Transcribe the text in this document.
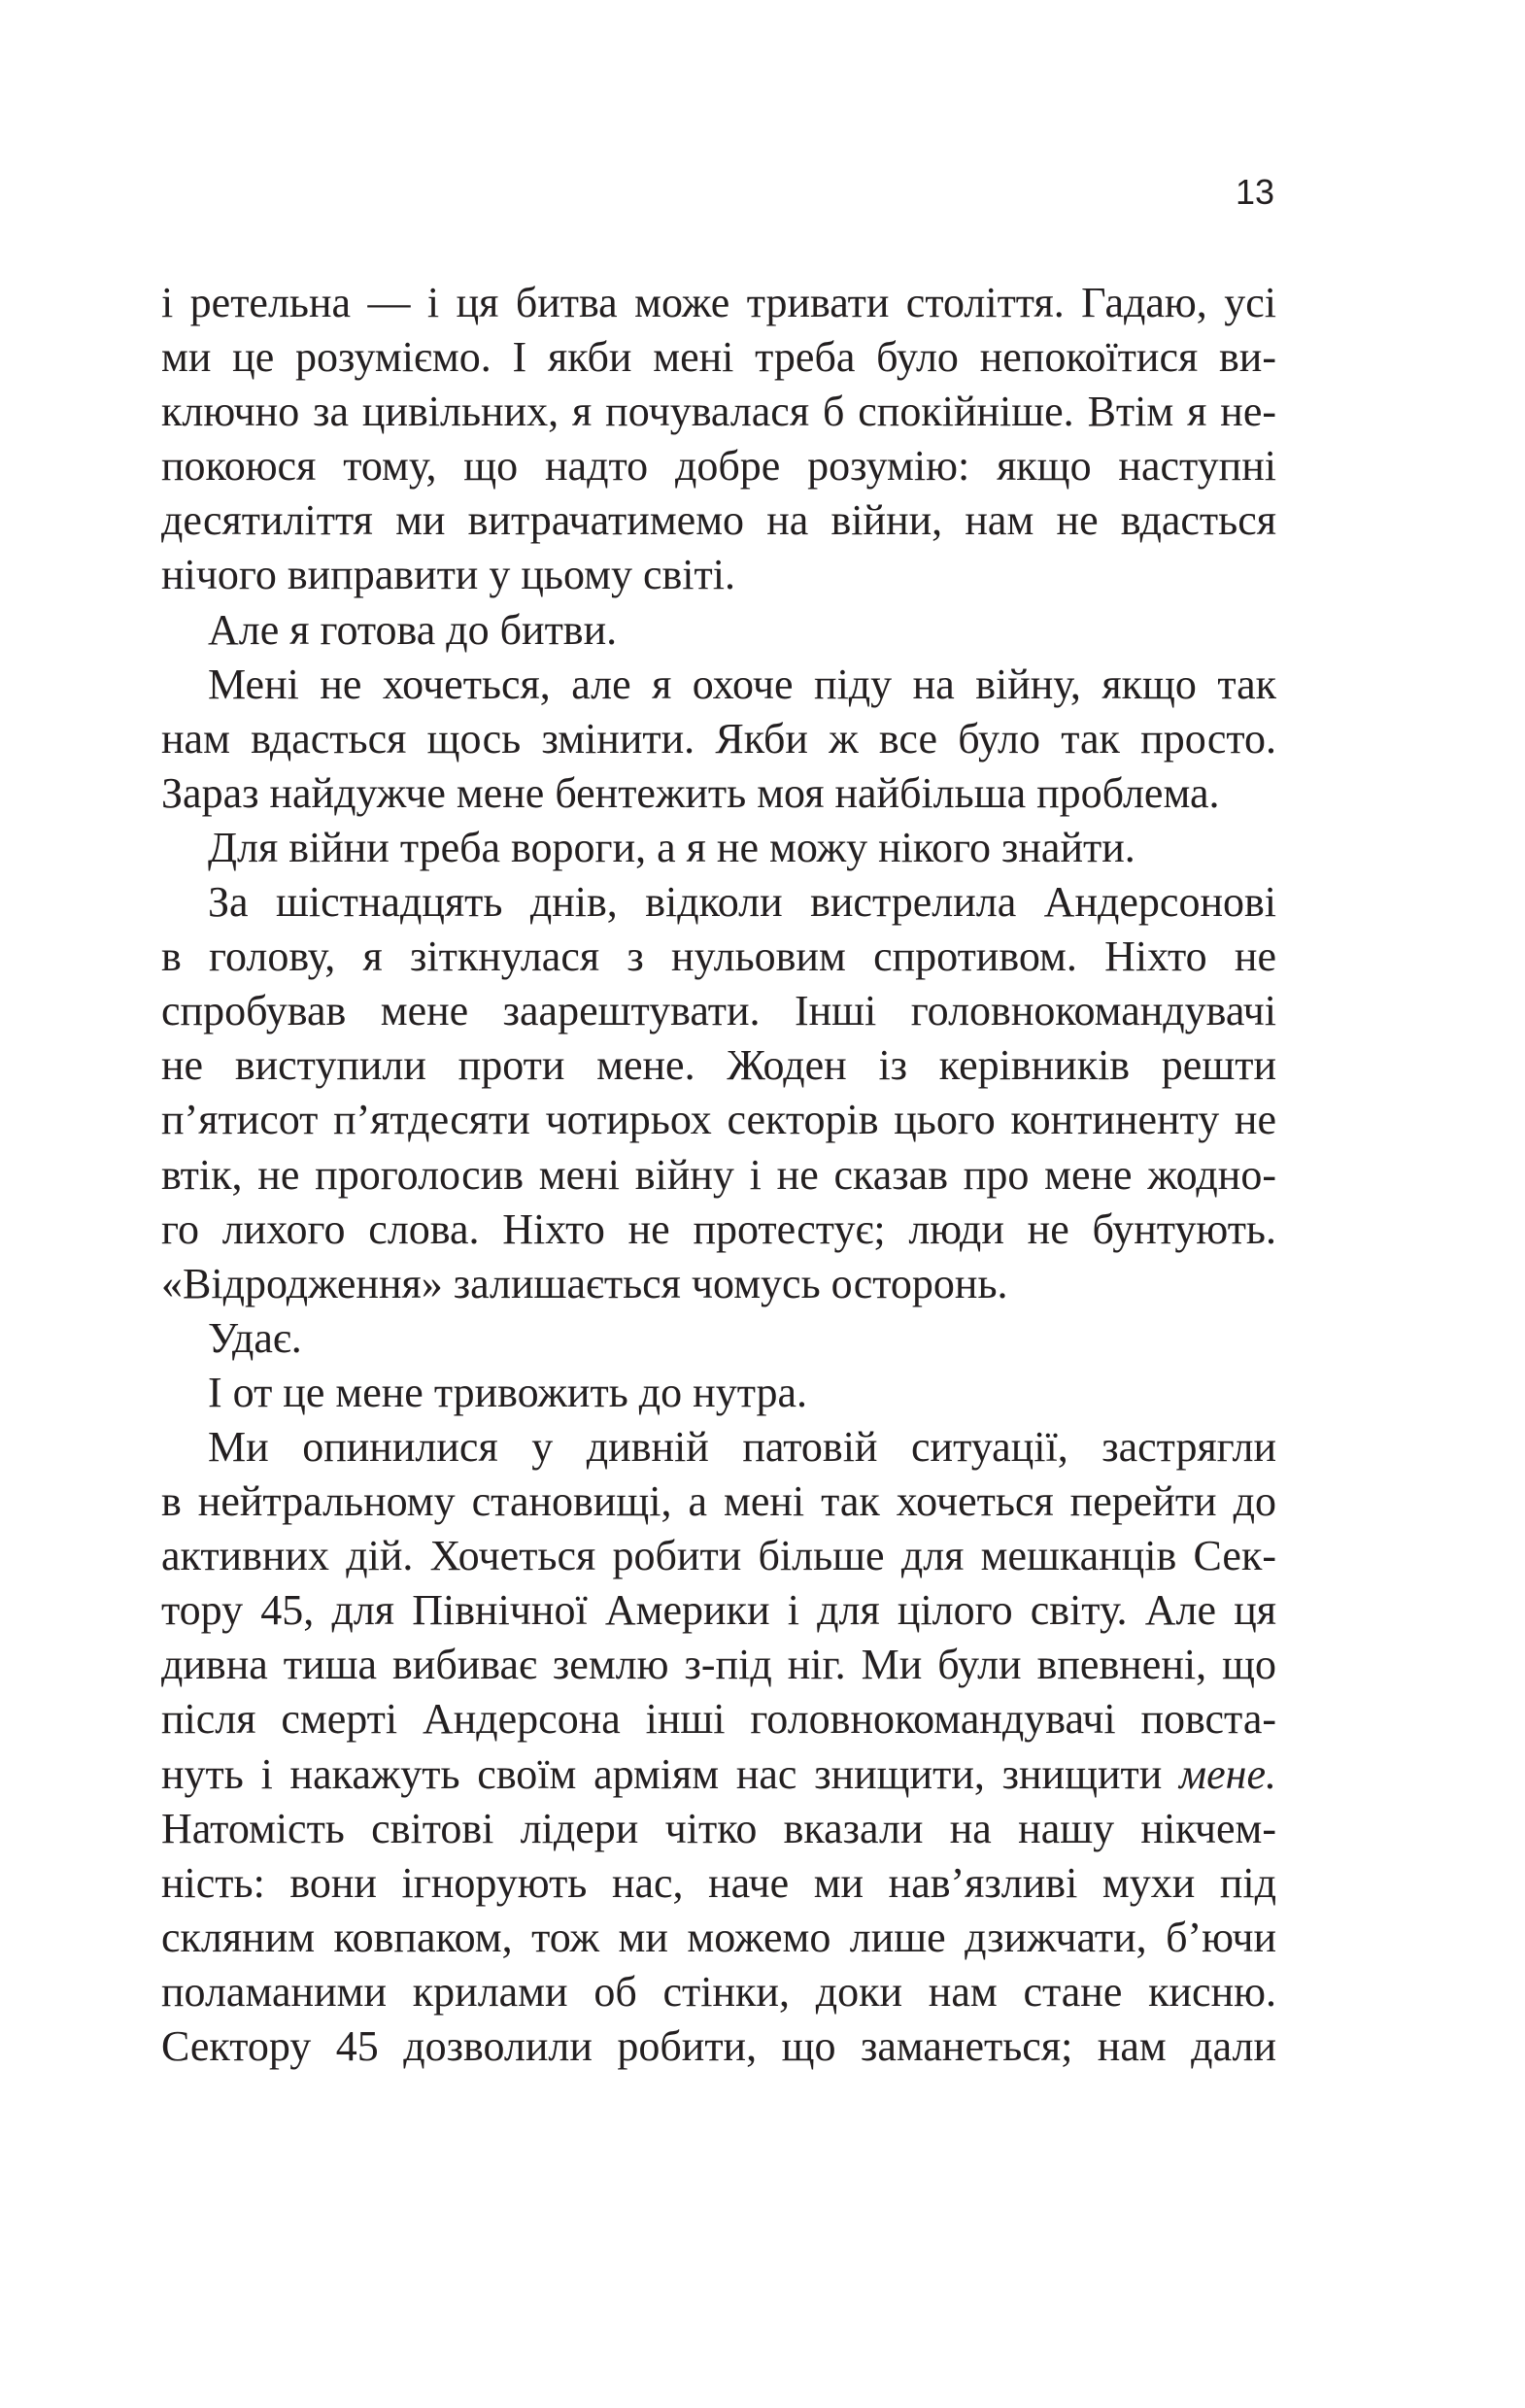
13
і ретельна — і ця битва може тривати століття. Гадаю, усі
ми це розуміємо. І якби мені треба було непокоїтися ви-
ключно за цивільних, я почувалася б спокійніше. Втім я не-
покоюся тому, що надто добре розумію: якщо наступні
десятиліття ми витрачатимемо на війни, нам не вдасться
нічого виправити у цьому світі.
Але я готова до битви.
Мені не хочеться, але я охоче піду на війну, якщо так
нам вдасться щось змінити. Якби ж все було так просто.
Зараз найдужче мене бентежить моя найбільша проблема.
Для війни треба вороги, а я не можу нікого знайти.
За шістнадцять днів, відколи вистрелила Андерсонові
в голову, я зіткнулася з нульовим спротивом. Ніхто не
спробував мене заарештувати. Інші головнокомандувачі
не виступили проти мене. Жоден із керівників решти
п’ятисот п’ятдесяти чотирьох секторів цього континенту не
втік, не проголосив мені війну і не сказав про мене жодно-
го лихого слова. Ніхто не протестує; люди не бунтують.
«Відродження» залишається чомусь осторонь.
Удає.
І от це мене тривожить до нутра.
Ми опинилися у дивній патовій ситуації, застрягли
в нейтральному становищі, а мені так хочеться перейти до
активних дій. Хочеться робити більше для мешканців Сек-
тору 45, для Північної Америки і для цілого світу. Але ця
дивна тиша вибиває землю з-під ніг. Ми були впевнені, що
після смерті Андерсона інші головнокомандувачі повста-
нуть і накажуть своїм арміям нас знищити, знищити мене.
Натомість світові лідери чітко вказали на нашу нікчем-
ність: вони ігнорують нас, наче ми нав’язливі мухи під
скляним ковпаком, тож ми можемо лише дзижчати, б’ючи
поламаними крилами об стінки, доки нам стане кисню.
Сектору 45 дозволили робити, що заманеться; нам дали
